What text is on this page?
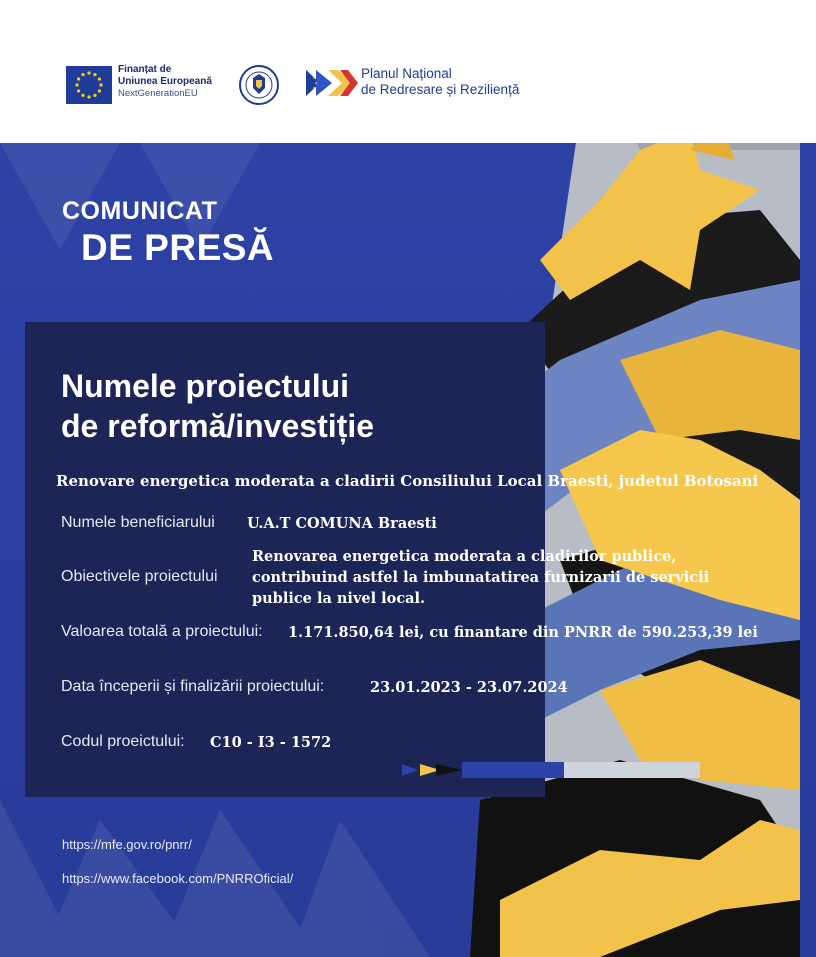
Finanțat de
Uniunea Europeană
NextGenerationEU
Planul Național
de Redresare și Reziliență
COMUNICAT
DE PRESĂ
Numele proiectului
de reformă/investiție
Renovare energetica moderata a cladirii Consiliului Local Braesti, judetul Botosani
Numele beneficiarului U.A.T COMUNA Braesti
Obiectivele proiectului
Renovarea energetica moderata a cladirilor publice, contribuind astfel la imbunatatirea furnizarii de servicii publice la nivel local.
Valoarea totală a proiectului: 1.171.850,64 lei, cu finantare din PNRR de 590.253,39 lei
Data începerii și finalizării proiectului:	23.01.2023 - 23.07.2024
Codul proeictului: C10 - I3 - 1572
https://mfe.gov.ro/pnrr/
https://www.facebook.com/PNRROficial/
